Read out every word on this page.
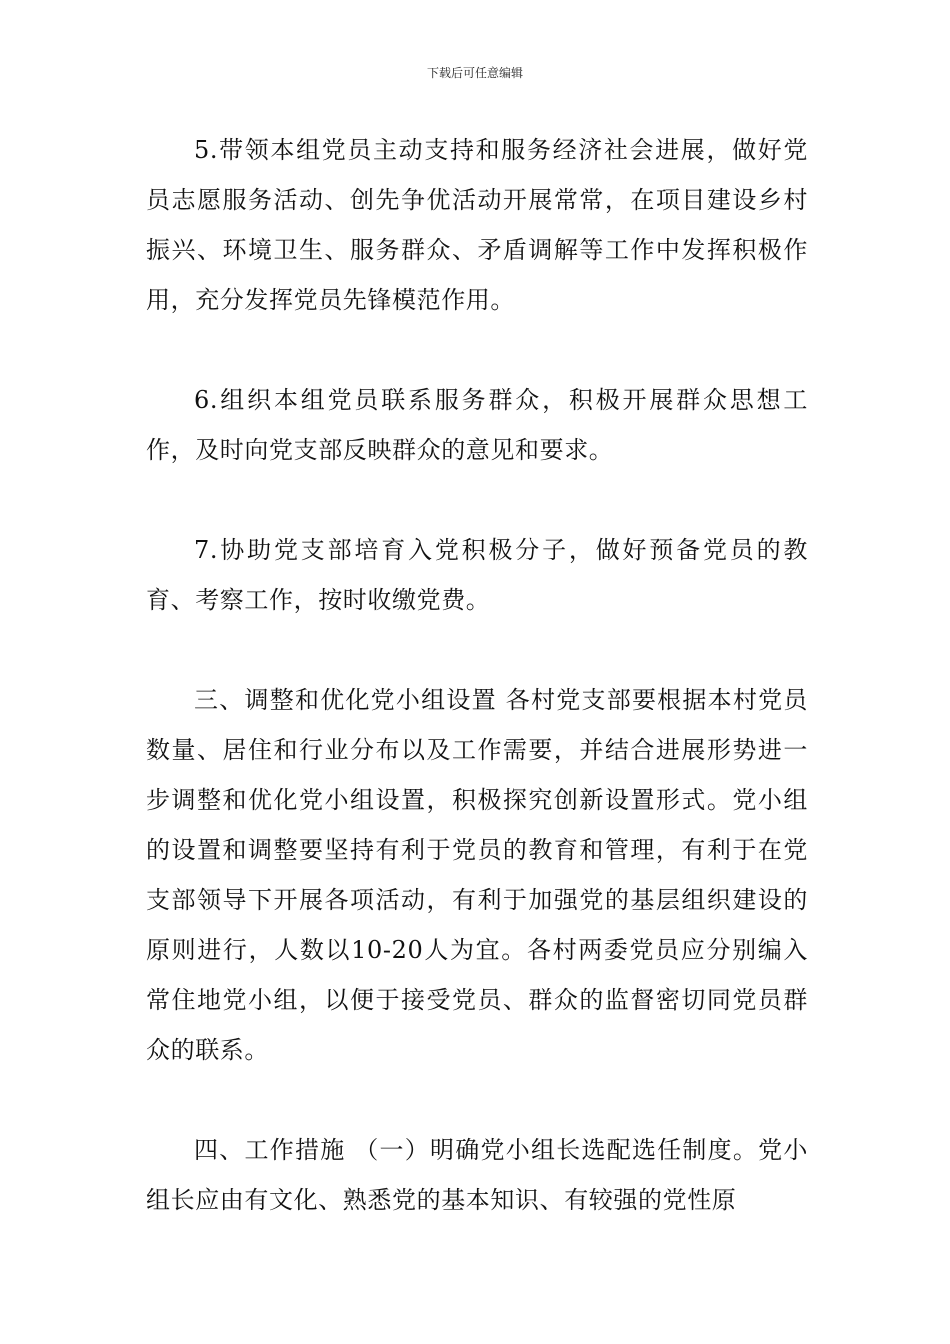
下载后可任意编辑

5.带领本组党员主动支持和服务经济社会进展，做好党员志愿服务活动、创先争优活动开展常常，在项目建设乡村振兴、环境卫生、服务群众、矛盾调解等工作中发挥积极作用，充分发挥党员先锋模范作用。

6.组织本组党员联系服务群众，积极开展群众思想工作，及时向党支部反映群众的意见和要求。

7.协助党支部培育入党积极分子，做好预备党员的教育、考察工作，按时收缴党费。

三、调整和优化党小组设置 各村党支部要根据本村党员数量、居住和行业分布以及工作需要，并结合进展形势进一步调整和优化党小组设置，积极探究创新设置形式。党小组的设置和调整要坚持有利于党员的教育和管理，有利于在党支部领导下开展各项活动，有利于加强党的基层组织建设的原则进行，人数以10-20人为宜。各村两委党员应分别编入常住地党小组，以便于接受党员、群众的监督密切同党员群众的联系。

四、工作措施 （一）明确党小组长选配选任制度。党小组长应由有文化、熟悉党的基本知识、有较强的党性原
